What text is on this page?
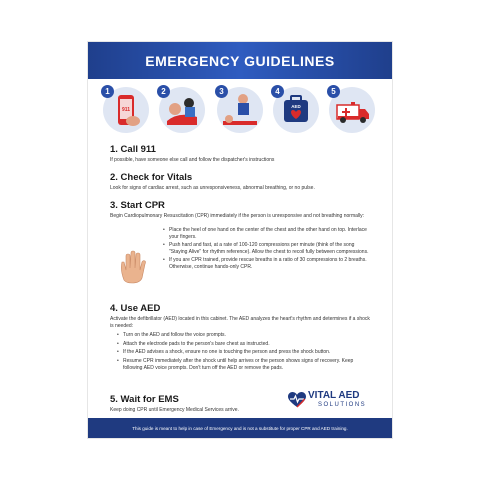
EMERGENCY GUIDELINES
1
911
2	3	4
AED
5
1. Call 911
If possible, have someone else call and follow the dispatcher's instructions
2. Check for Vitals
Look for signs of cardiac arrest, such as unresponsiveness, abnormal breathing, or no pulse.
3. Start CPR
Begin Cardiopulmonary Resuscitation (CPR) immediately if the person is unresponsive and not breathing normally:
• Place the heel of one hand on the center of the chest and the other hand on top. Interlace your fingers.
• Push hard and fast, at a rate of 100-120 compressions per minute (think of the song "Staying Alive" for rhythm reference). Allow the chest to recoil fully between compressions.
• If you are CPR trained, provide rescue breaths in a ratio of 30 compressions to 2 breaths. Otherwise, continue hands-only CPR.
4. Use AED
Activate the defibrillator (AED) located in this cabinet. The AED analyzes the heart's rhythm and determines if a shock is needed:
• Turn on the AED and follow the voice prompts.
• Attach the electrode pads to the person's bare chest as instructed.
• If the AED advises a shock, ensure no one is touching the person and press the shock button.
• Resume CPR immediately after the shock until help arrives or the person shows signs of recovery. Keep following AED voice prompts. Don't turn off the AED or remove the pads.
5. Wait for EMS
Keep doing CPR until Emergency Medical Services arrive.
VITAL AED
SOLUTIONS
This guide is meant to help in case of Emergency and is not a substitute for proper CPR and AED training.
